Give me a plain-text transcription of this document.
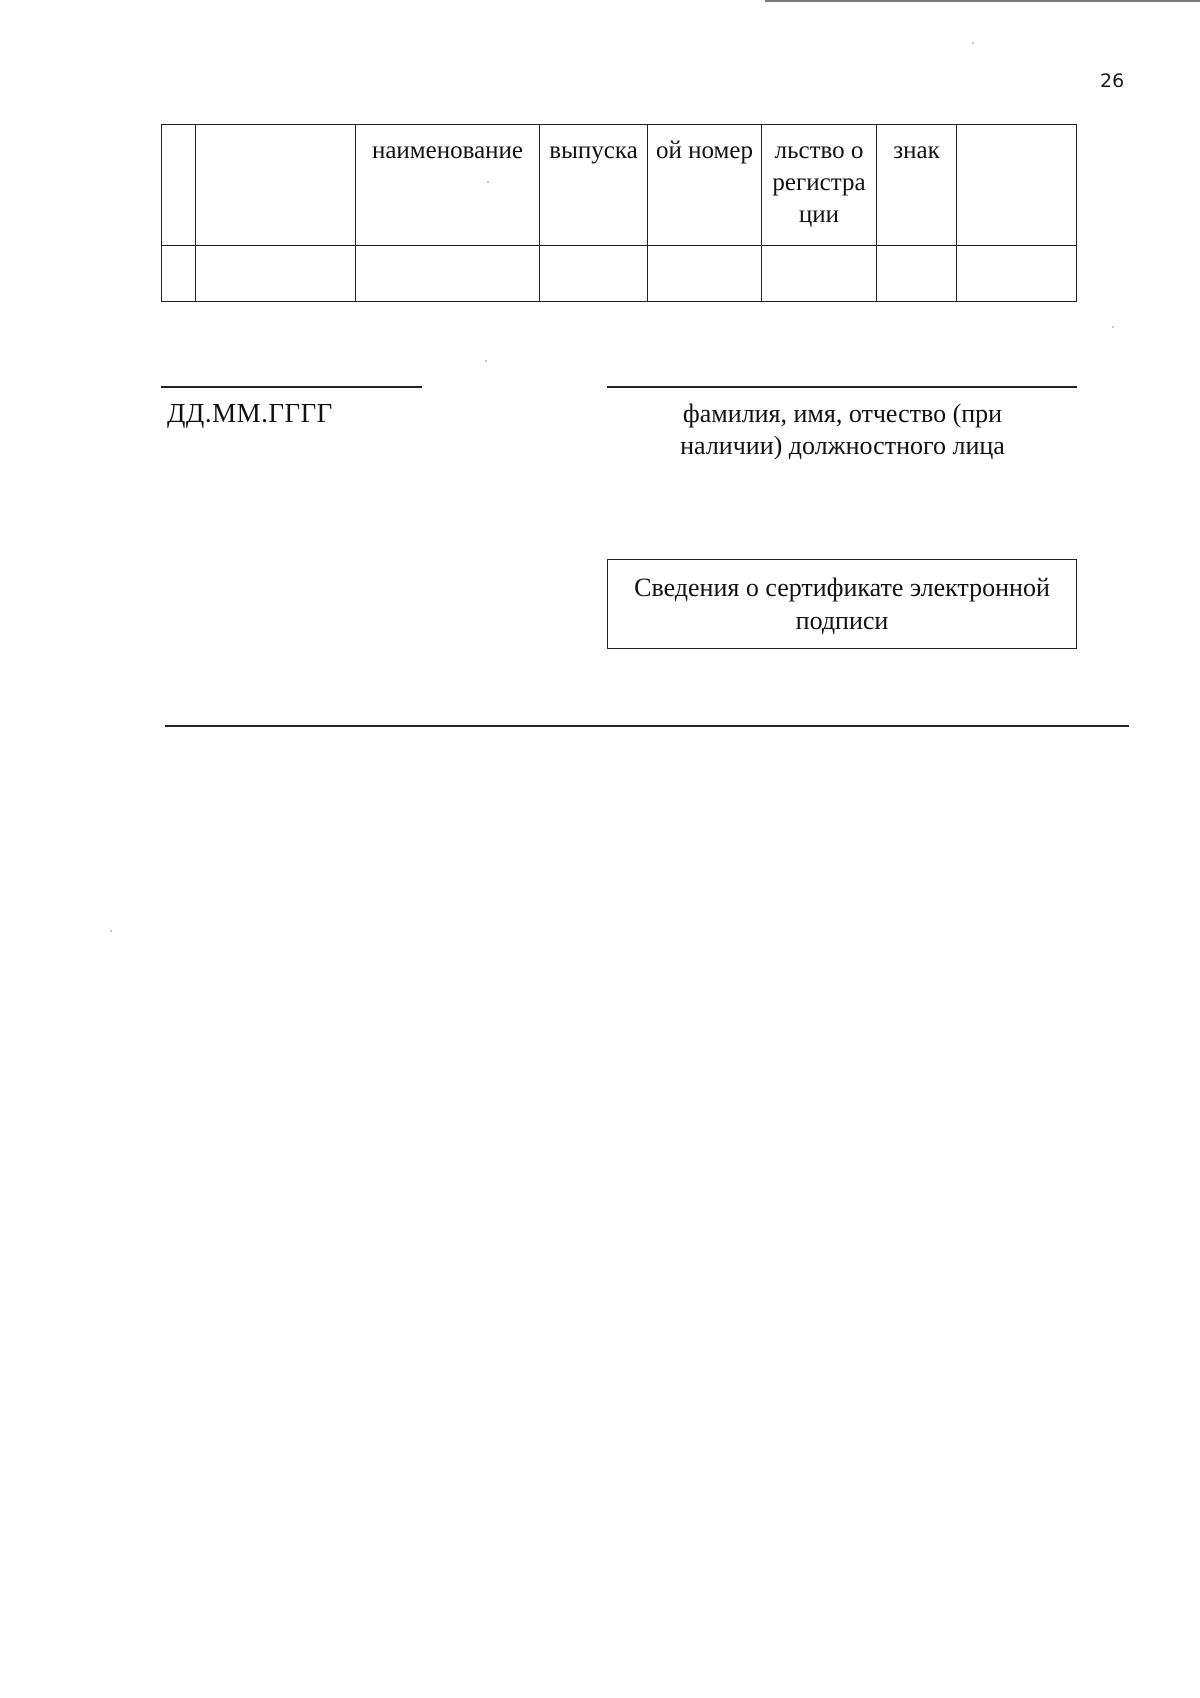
26
		наименование	выпуска	ой номер	льство о регистрации	знак	

ДД.ММ.ГГГГ	фамилия, имя, отчество (при наличии) должностного лица
Сведения о сертификате электронной подписи
